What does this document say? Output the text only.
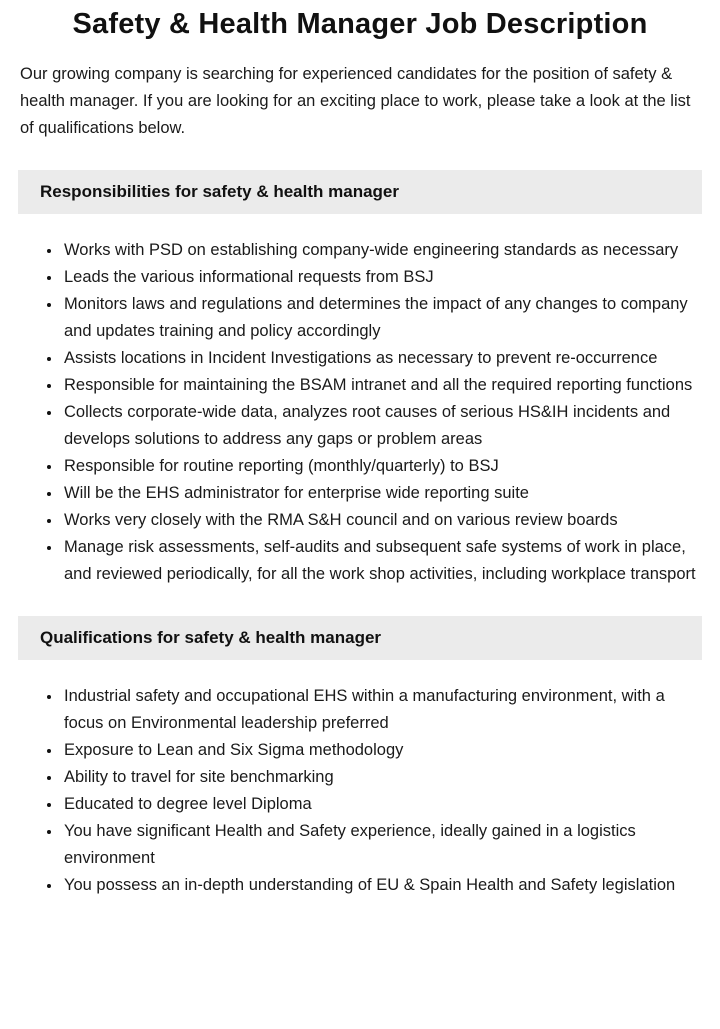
Safety & Health Manager Job Description

Our growing company is searching for experienced candidates for the position of safety & health manager. If you are looking for an exciting place to work, please take a look at the list of qualifications below.

Responsibilities for safety & health manager
• Works with PSD on establishing company-wide engineering standards as necessary
• Leads the various informational requests from BSJ
• Monitors laws and regulations and determines the impact of any changes to company and updates training and policy accordingly
• Assists locations in Incident Investigations as necessary to prevent re-occurrence
• Responsible for maintaining the BSAM intranet and all the required reporting functions
• Collects corporate-wide data, analyzes root causes of serious HS&IH incidents and develops solutions to address any gaps or problem areas
• Responsible for routine reporting (monthly/quarterly) to BSJ
• Will be the EHS administrator for enterprise wide reporting suite
• Works very closely with the RMA S&H council and on various review boards
• Manage risk assessments, self-audits and subsequent safe systems of work in place, and reviewed periodically, for all the work shop activities, including workplace transport
Qualifications for safety & health manager
• Industrial safety and occupational EHS within a manufacturing environment, with a focus on Environmental leadership preferred
• Exposure to Lean and Six Sigma methodology
• Ability to travel for site benchmarking
• Educated to degree level Diploma
• You have significant Health and Safety experience, ideally gained in a logistics environment
• You possess an in-depth understanding of EU & Spain Health and Safety legislation
